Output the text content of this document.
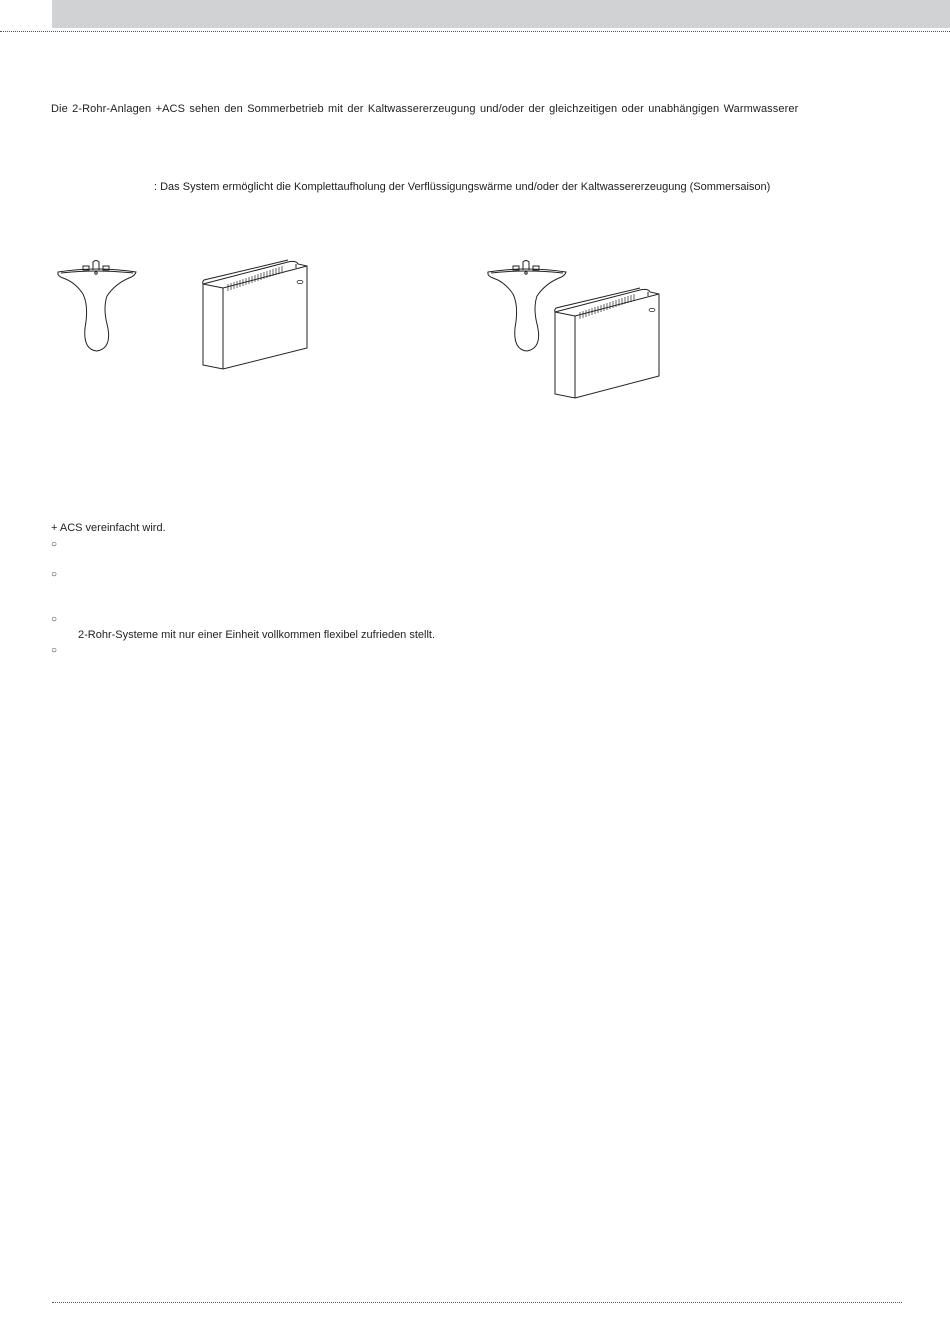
Die 2-Rohr-Anlagen +ACS sehen den Sommerbetrieb mit der Kaltwassererzeugung und/oder der gleichzeitigen oder unabhängigen Warmwasserer
: Das System ermöglicht die Komplettaufholung der Verflüssigungswärme und/oder der Kaltwassererzeugung (Sommersaison)
+ ACS vereinfacht wird.
○
○
○
2-Rohr-Systeme mit nur einer Einheit vollkommen flexibel zufrieden stellt.
○
